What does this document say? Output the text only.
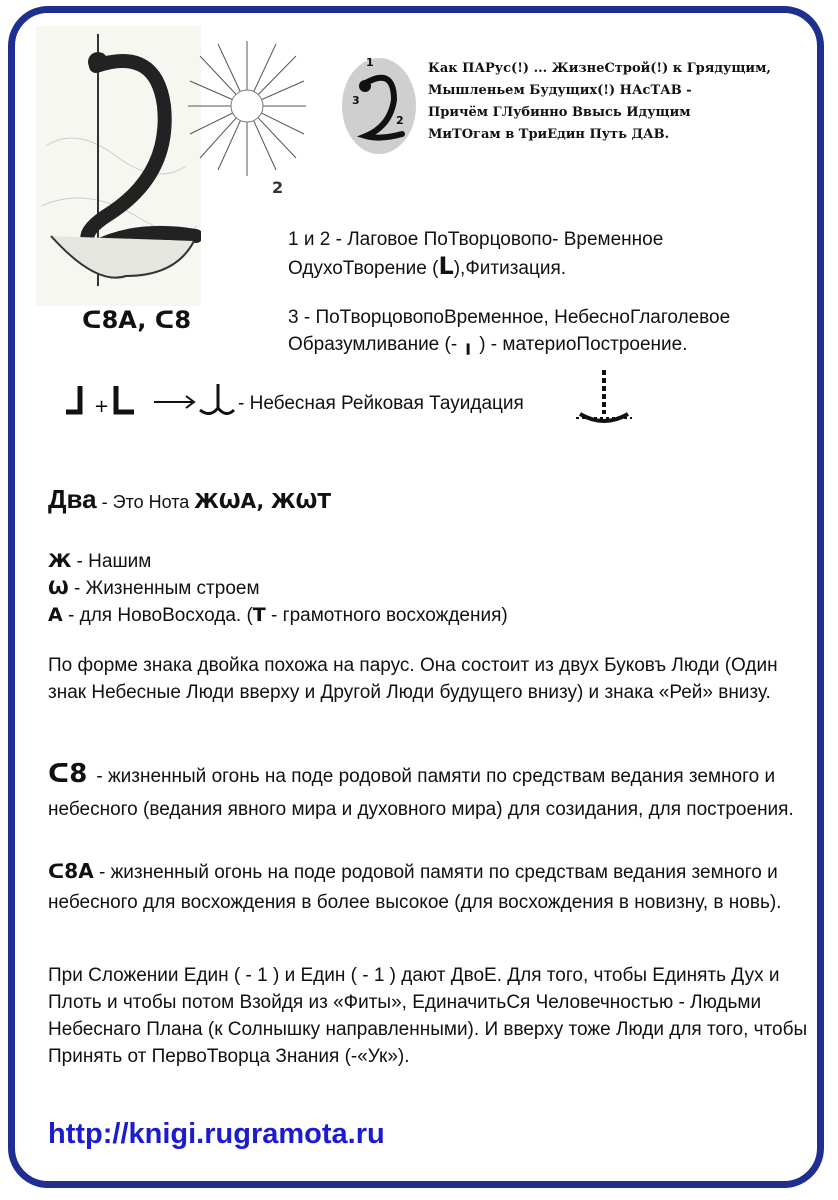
2
1
3
2
Как ПАРус(!) ... ЖизнеСтрой(!) к Грядущим,
Мышленьем Будущих(!) НАсТАВ -
Причём ГЛубинно Ввысь Идущим
МиТОгам в ТриЕдин Путь ДАВ.
1 и 2 - Лаговое ПоТворцовопо- Временное
ОдухоТворение (L),Фитизация.
3 - ПоТворцовопоВременное, НебесноГлаголевое
Образумливание (- ╻ ) - материоПостроение.
ᑕ8A, ᑕ8
+	- Небесная Рейковая Тауидация
Два - Это Нота ЖѠA, ЖѠТ
Ж - Нашим
Ѡ - Жизненным строем
A - для НовоВосхода. (Т - грамотного восхождения)
По форме знака двойка похожа на парус. Она состоит из двух Буковъ Люди (Один знак Небесные Люди вверху и Другой Люди будущего внизу) и знака «Рей» внизу.
ᑕ8 - жизненный огонь на поде родовой памяти по средствам ведания земного и небесного (ведания явного мира и духовного мира) для созидания, для построения.
ᑕ8A - жизненный огонь на поде родовой памяти по средствам ведания земного и небесного для восхождения в более высокое (для восхождения в новизну, в новь).
При Сложении Един ( - 1 ) и Един ( - 1 ) дают ДвоЕ. Для того, чтобы Единять Дух и Плоть и чтобы потом Взойдя из «Фиты», ЕдиначитьСя Человечностью - Людьми Небеснаго Плана (к Солнышку направленными). И вверху тоже Люди для того, чтобы Принять от ПервоТворца Знания (-«Ук»).
http://knigi.rugramota.ru
